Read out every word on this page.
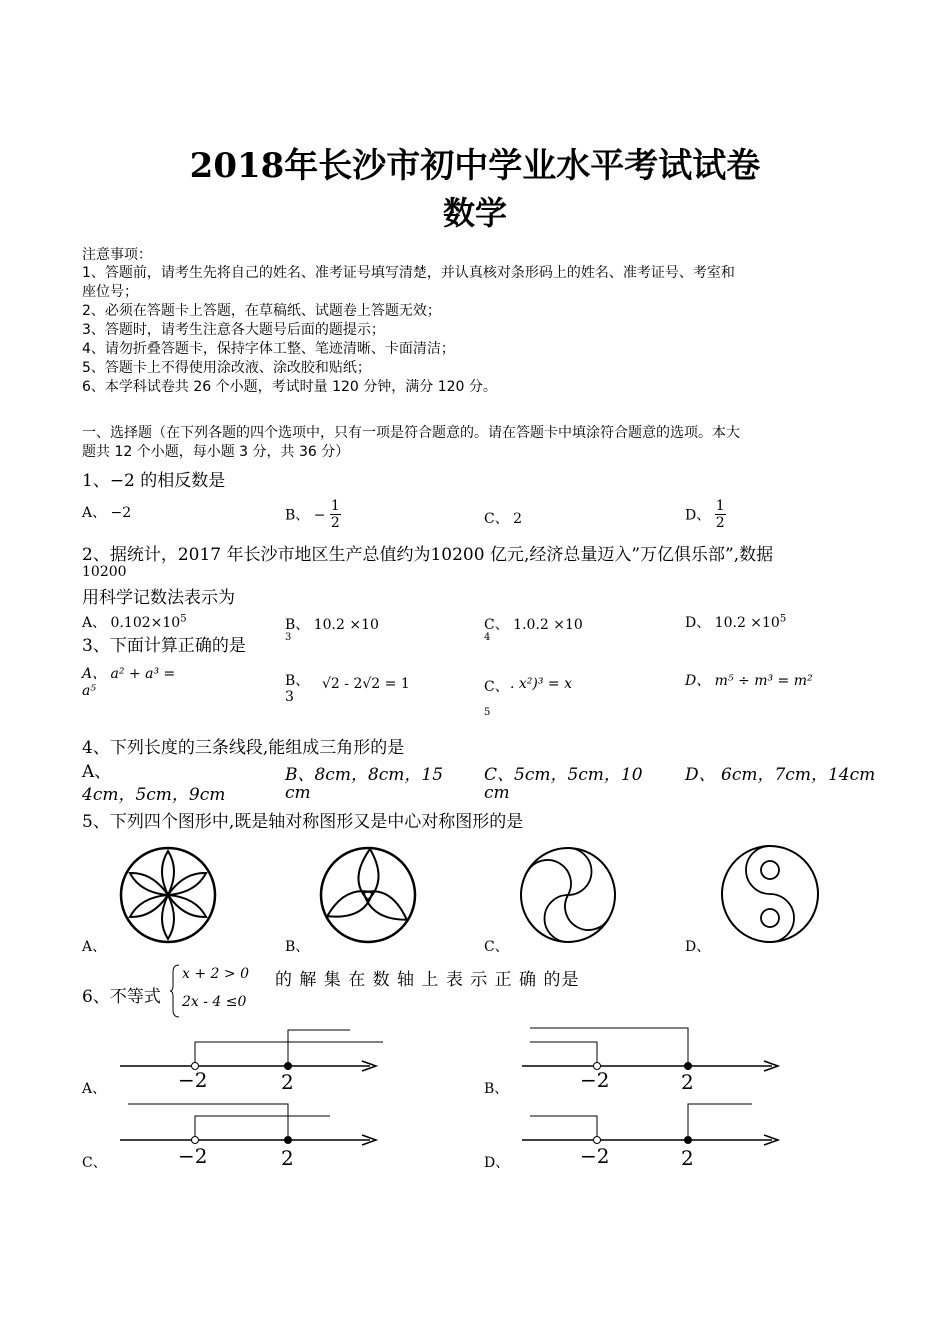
2018年长沙市初中学业水平考试试卷
数学
注意事项：
1、答题前，请考生先将自己的姓名、准考证号填写清楚，并认真核对条形码上的姓名、准考证号、考室和
座位号；
2、必须在答题卡上答题，在草稿纸、试题卷上答题无效；
3、答题时，请考生注意各大题号后面的题提示；
4、请勿折叠答题卡，保持字体工整、笔迹清晰、卡面清洁；
5、答题卡上不得使用涂改液、涂改胶和贴纸；
6、本学科试卷共 26 个小题，考试时量 120 分钟，满分 120 分。
一、选择题（在下列各题的四个选项中，只有一项是符合题意的。请在答题卡中填涂符合题意的选项。本大
题共 12 个小题，每小题 3 分，共 36 分）
1、−2 的相反数是
A、 −2	B、 − $\frac{1}{2}$	C、 2	D、 $\frac{1}{2}$
2、据统计，2017 年长沙市地区生产总值约为10200 亿元,经济总量迈入”万亿俱乐部”,数据
10200
用科学记数法表示为
A、 $0.102\times 10^5$	B、 10.2 ×10
3
C、 1.0.2 ×10
4
D、 $10.2 \times 10^5$
3、下面计算正确的是
A、 a² + a³ =
a⁵
B、 √2 - 2√2 = 1
3
C、 . x²)³ = x
5
D、 m⁵ ÷ m³ = m²
4、下列长度的三条线段,能组成三角形的是
A、
4cm，5cm，9cm
B、8cm，8cm，15
cm
C、5cm，5cm，10
cm
D、 6cm，7cm，14cm
5、下列四个图形中,既是轴对称图形又是中心对称图形的是
A、	B、	C、	D、
6、不等式
x + 2 > 0
2x - 4 ≤0
的 解 集 在 数 轴 上 表 示 正 确 的是
−2	2
A、	−2	2
B、
−2	2
C、	−2	2
D、
